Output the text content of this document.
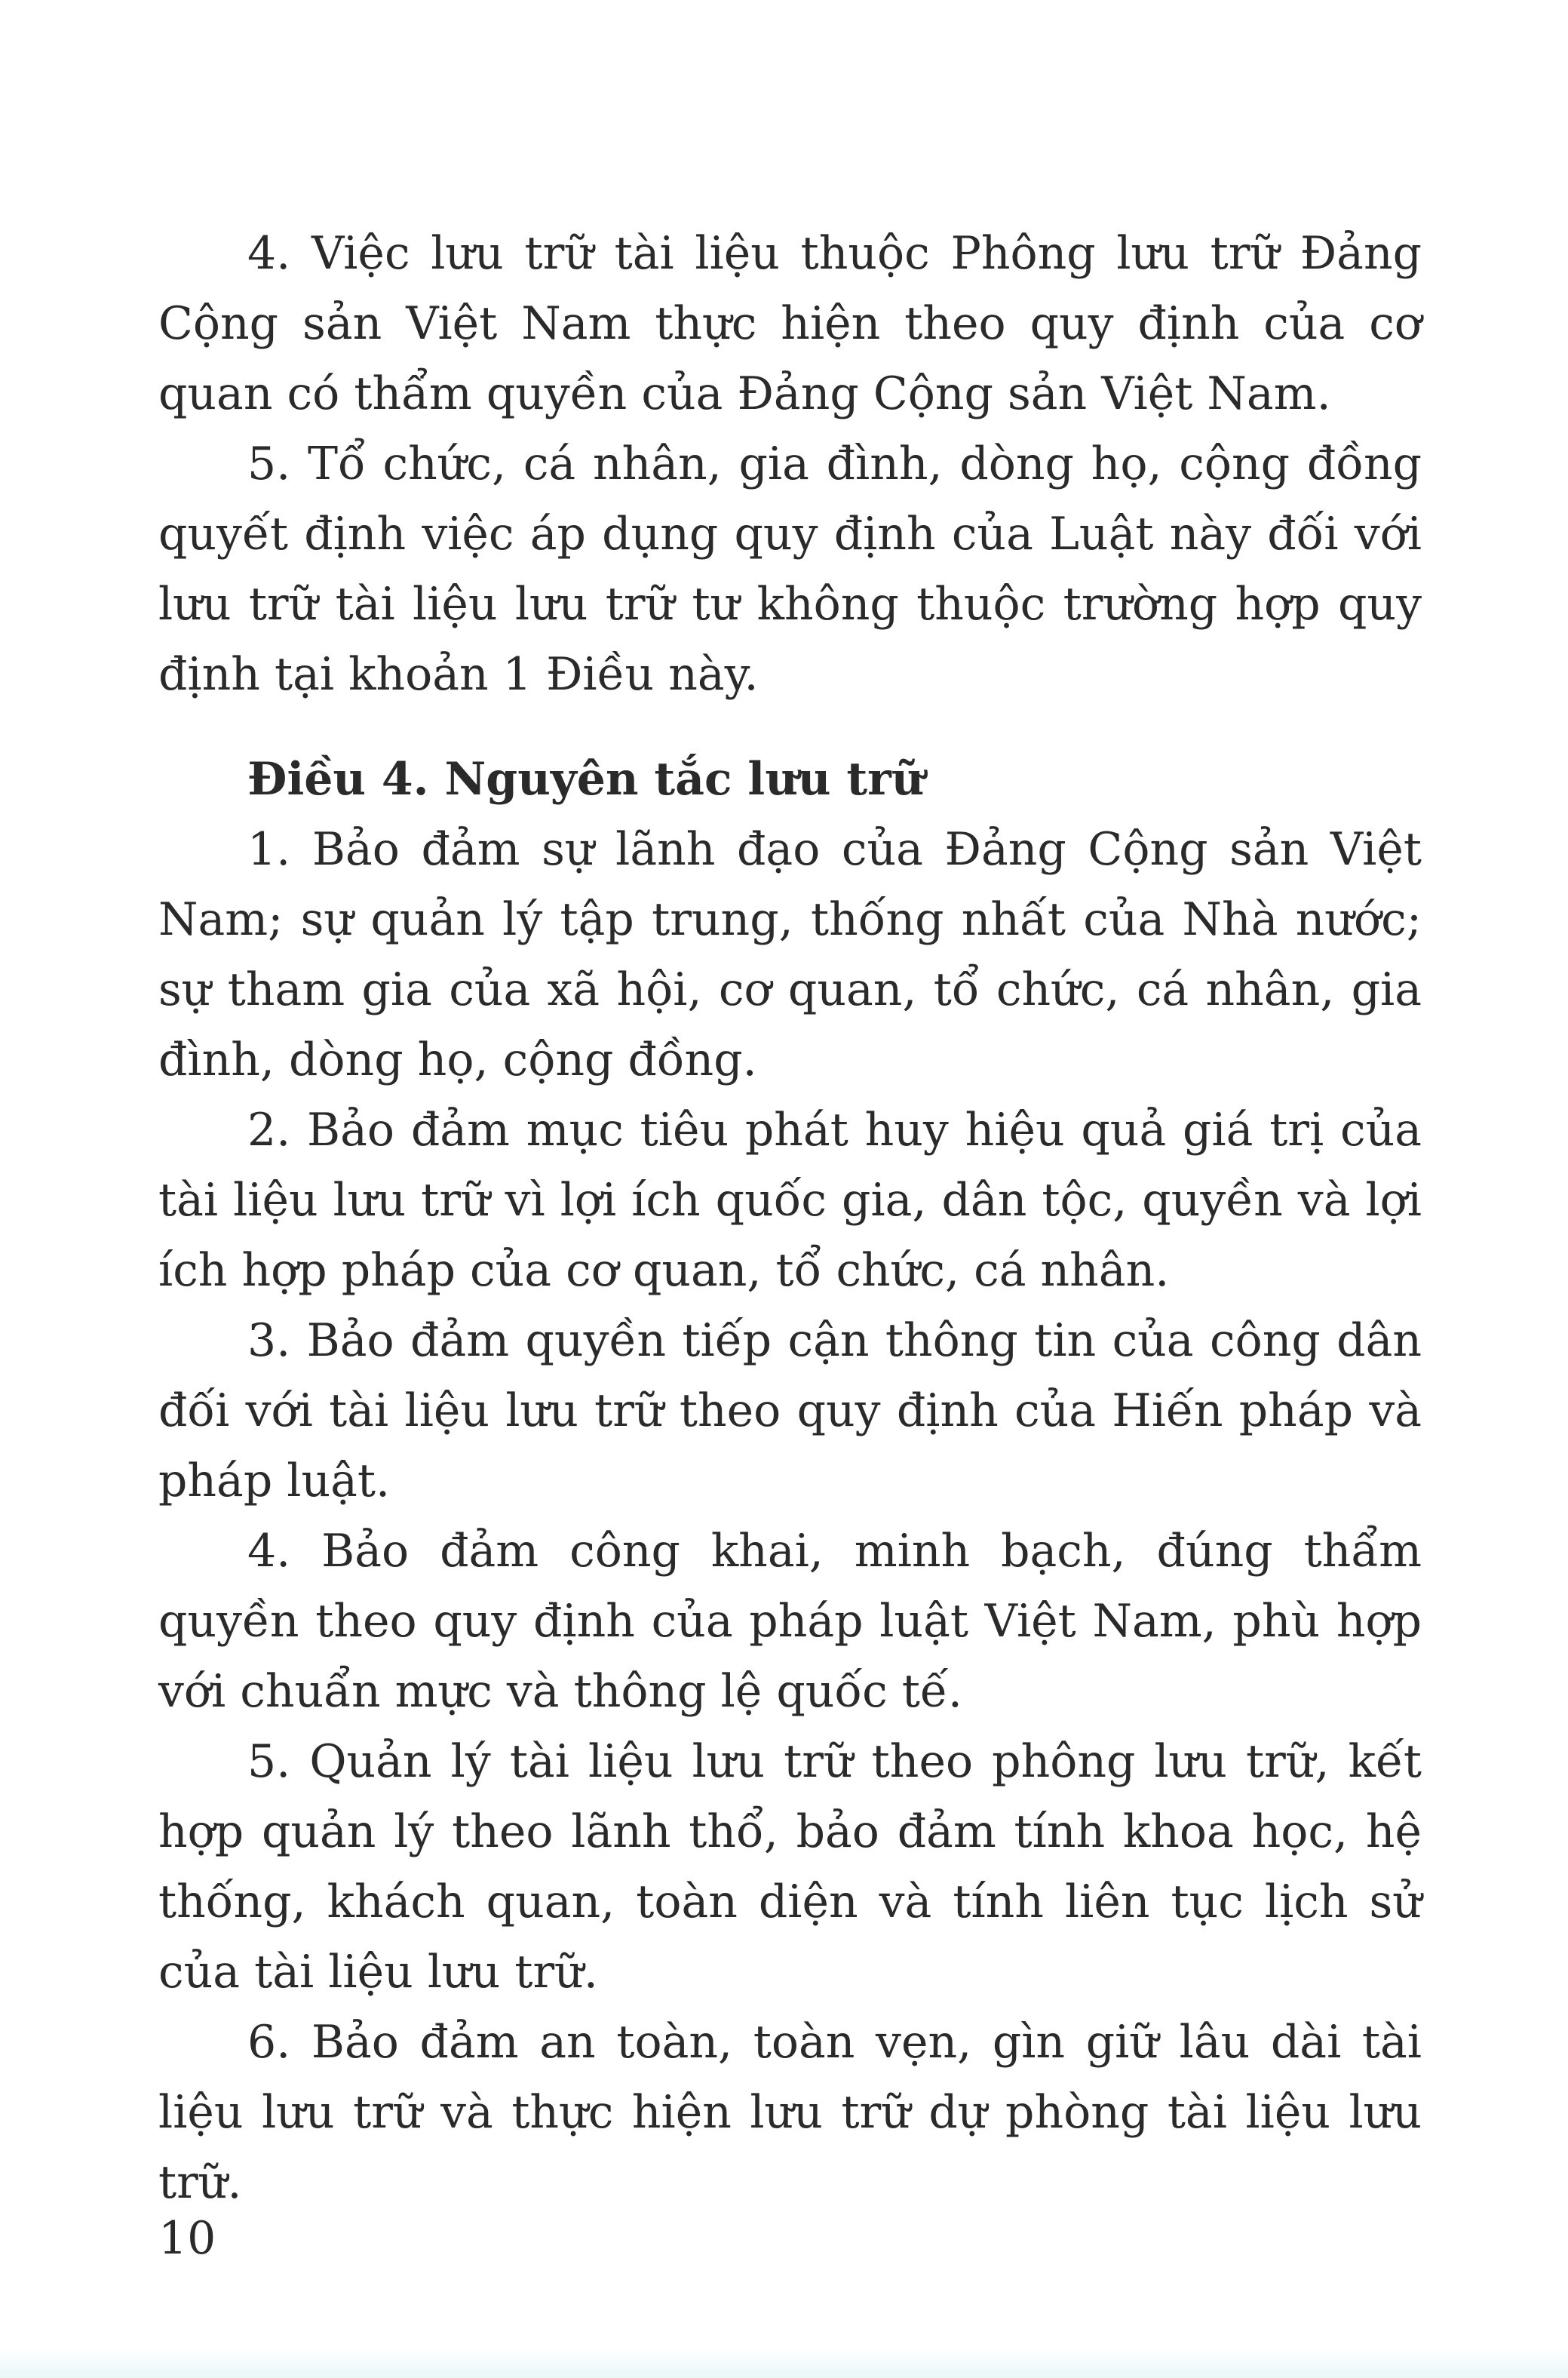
4. Việc lưu trữ tài liệu thuộc Phông lưu trữ Đảng Cộng sản Việt Nam thực hiện theo quy định của cơ quan có thẩm quyền của Đảng Cộng sản Việt Nam.

5. Tổ chức, cá nhân, gia đình, dòng họ, cộng đồng quyết định việc áp dụng quy định của Luật này đối với lưu trữ tài liệu lưu trữ tư không thuộc trường hợp quy định tại khoản 1 Điều này.

Điều 4. Nguyên tắc lưu trữ

1. Bảo đảm sự lãnh đạo của Đảng Cộng sản Việt Nam; sự quản lý tập trung, thống nhất của Nhà nước; sự tham gia của xã hội, cơ quan, tổ chức, cá nhân, gia đình, dòng họ, cộng đồng.

2. Bảo đảm mục tiêu phát huy hiệu quả giá trị của tài liệu lưu trữ vì lợi ích quốc gia, dân tộc, quyền và lợi ích hợp pháp của cơ quan, tổ chức, cá nhân.

3. Bảo đảm quyền tiếp cận thông tin của công dân đối với tài liệu lưu trữ theo quy định của Hiến pháp và pháp luật.

4. Bảo đảm công khai, minh bạch, đúng thẩm quyền theo quy định của pháp luật Việt Nam, phù hợp với chuẩn mực và thông lệ quốc tế.

5. Quản lý tài liệu lưu trữ theo phông lưu trữ, kết hợp quản lý theo lãnh thổ, bảo đảm tính khoa học, hệ thống, khách quan, toàn diện và tính liên tục lịch sử của tài liệu lưu trữ.

6. Bảo đảm an toàn, toàn vẹn, gìn giữ lâu dài tài liệu lưu trữ và thực hiện lưu trữ dự phòng tài liệu lưu trữ.

10
